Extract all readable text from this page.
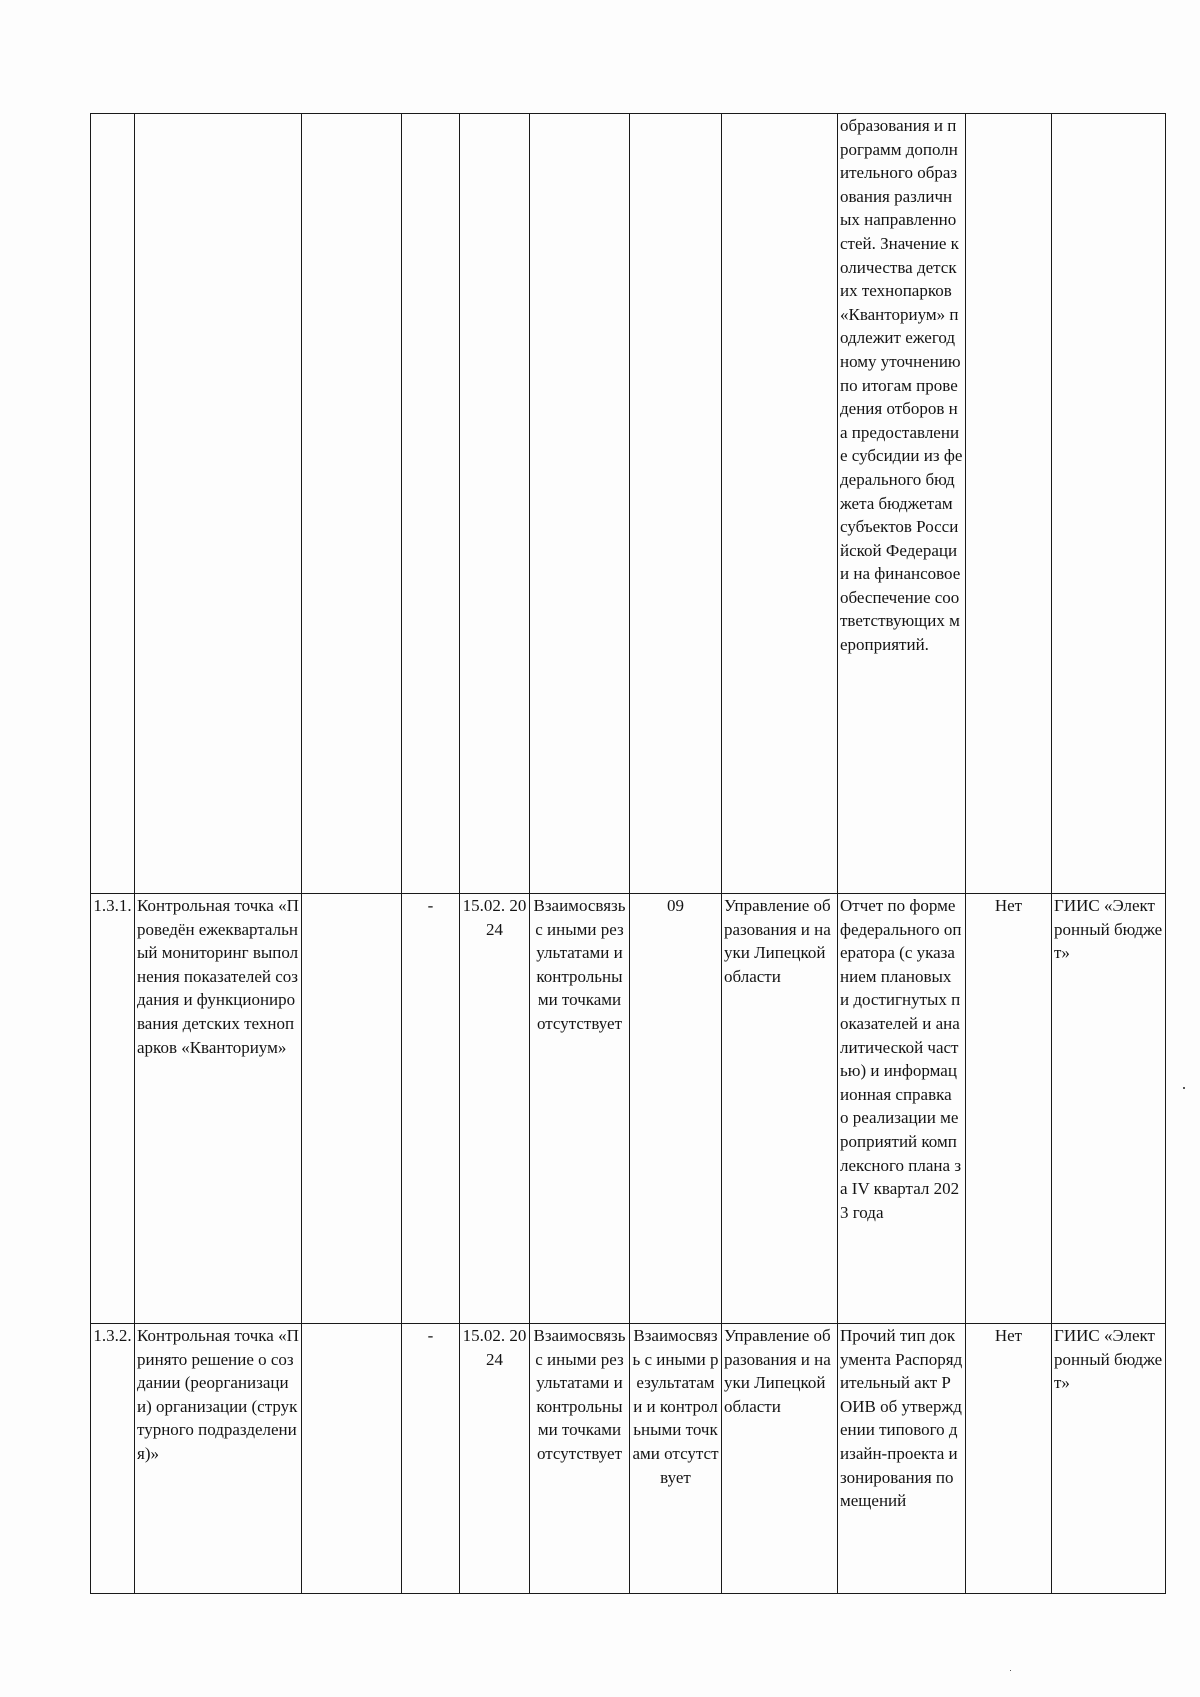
								образования и программ дополнительного образования различных направленностей. Значение количества детских технопарков «Кванториум» подлежит ежегодному уточнению по итогам проведения отборов на предоставление субсидии из федерального бюджета бюджетам субъектов Российской Федерации на финансовое обеспечение соответствующих мероприятий.		
1.3.1.	Контрольная точка «Проведён ежеквартальный мониторинг выполнения показателей создания и функционирования детских технопарков «Кванториум»		-	15.02. 2024	Взаимосвязь с иными результатами и контрольными точками отсутствует	09	Управление образования и науки Липецкой области	Отчет по форме федерального оператора (с указанием плановых и достигнутых показателей и аналитической частью) и информационная справка о реализации мероприятий комплексного плана за IV квартал 2023 года	Нет	ГИИС «Электронный бюджет»
1.3.2.	Контрольная точка «Принято решение о создании (реорганизации) организации (структурного подразделения)»		-	15.02. 2024	Взаимосвязь с иными результатами и контрольными точками отсутствует	Взаимосвязь с иными результатами и контрольными точками отсутствует	Управление образования и науки Липецкой области	Прочий тип документа Распорядительный акт РОИВ об утверждении типового дизайн-проекта и зонирования помещений	Нет	ГИИС «Электронный бюджет»
